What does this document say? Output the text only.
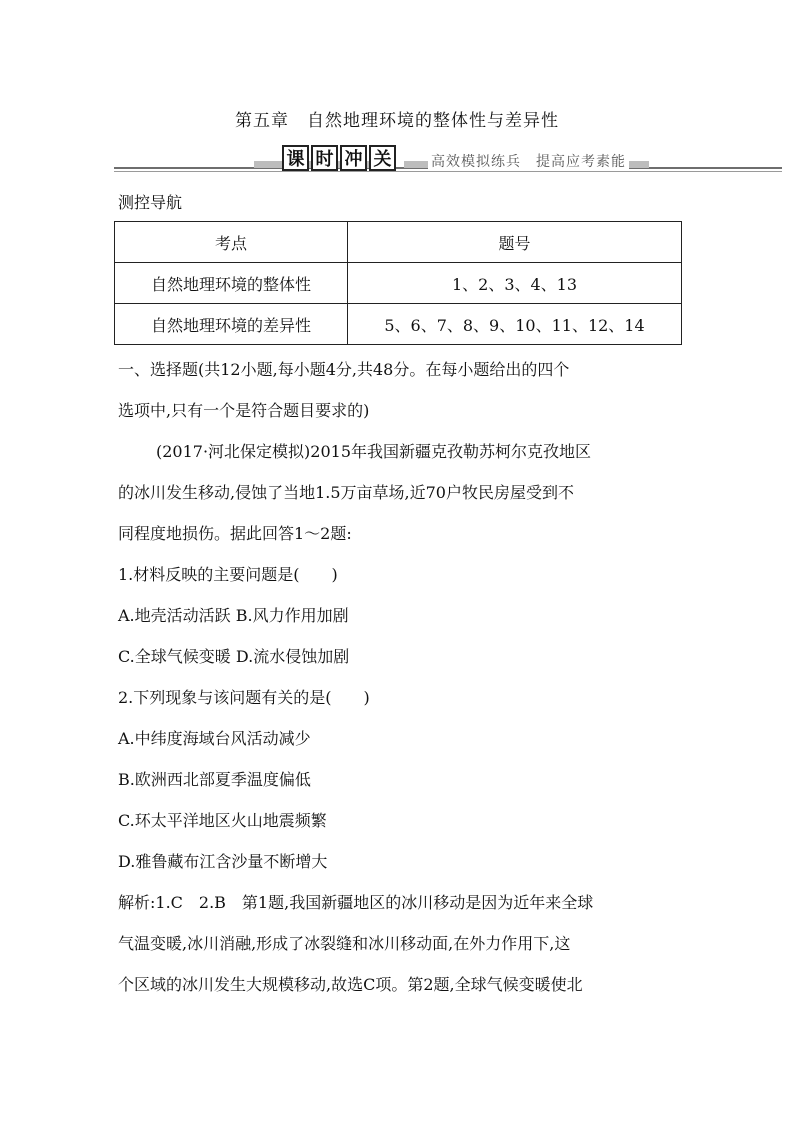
第五章　自然地理环境的整体性与差异性
课 时 冲 关	高效模拟练兵　提高应考素能
测控导航
考点	题号
自然地理环境的整体性	1、2、3、4、13
自然地理环境的差异性	5、6、7、8、9、10、11、12、14
一、选择题(共12小题,每小题4分,共48分。在每小题给出的四个
选项中,只有一个是符合题目要求的)
(2017·河北保定模拟)2015年我国新疆克孜勒苏柯尔克孜地区
的冰川发生移动,侵蚀了当地1.5万亩草场,近70户牧民房屋受到不
同程度地损伤。据此回答1～2题:
1.材料反映的主要问题是(　　)
A.地壳活动活跃 B.风力作用加剧
C.全球气候变暖 D.流水侵蚀加剧
2.下列现象与该问题有关的是(　　)
A.中纬度海域台风活动减少
B.欧洲西北部夏季温度偏低
C.环太平洋地区火山地震频繁
D.雅鲁藏布江含沙量不断增大
解析:1.C　2.B　第1题,我国新疆地区的冰川移动是因为近年来全球
气温变暖,冰川消融,形成了冰裂缝和冰川移动面,在外力作用下,这
个区域的冰川发生大规模移动,故选C项。第2题,全球气候变暖使北
